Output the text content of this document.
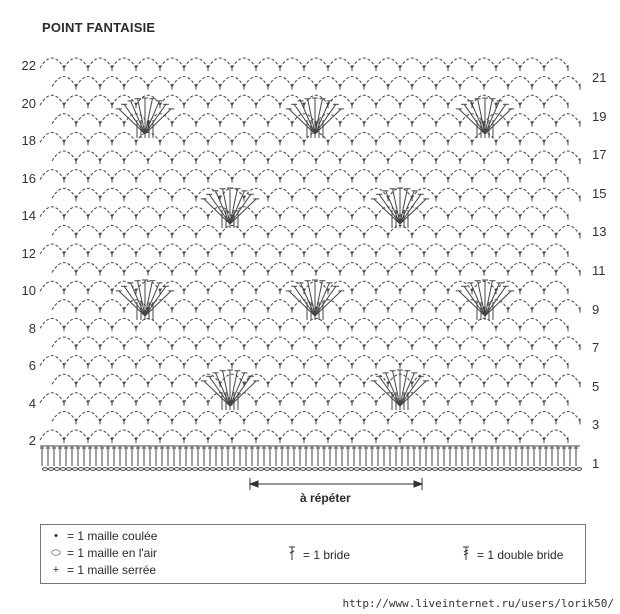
POINT FANTAISIE
22
20
18
16
14
12
10
8
6
4
2
21
19
17
15
13
11
9
7
5
3
1
à répéter
• = 1 maille coulée
⬭ = 1 maille en l'air
+ = 1 maille serrée
= 1 bride	= 1 double bride
http://www.liveinternet.ru/users/lorik50/
